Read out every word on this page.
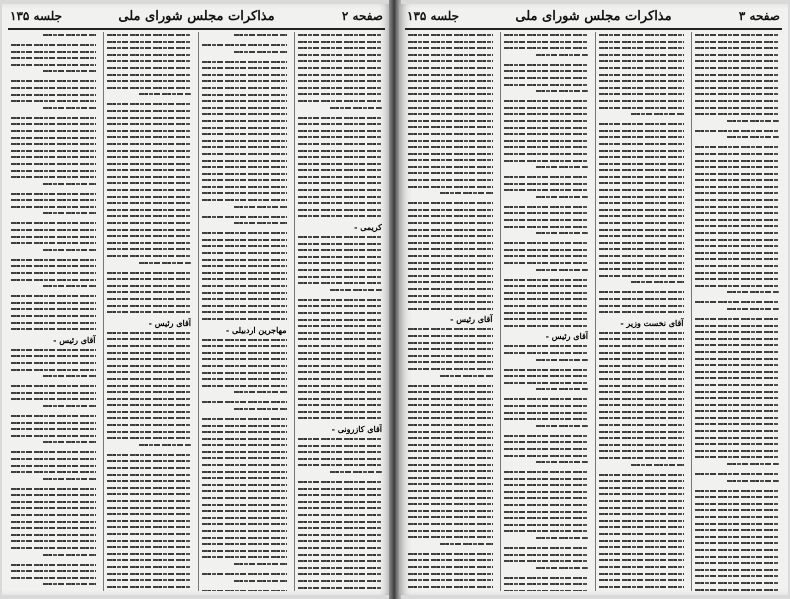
صفحه ۲
مذاکرات مجلس شورای ملی
جلسه ۱۳۵
کریمی -
آقای کازرونی -
مهاجرین اردبیلی -
آقای رئیس -
آقای رئیس -
صفحه ۳
مذاکرات مجلس شورای ملی
جلسه ۱۳۵
آقای نخست وزیر -
آقای رئیس -
آقای رئیس -
